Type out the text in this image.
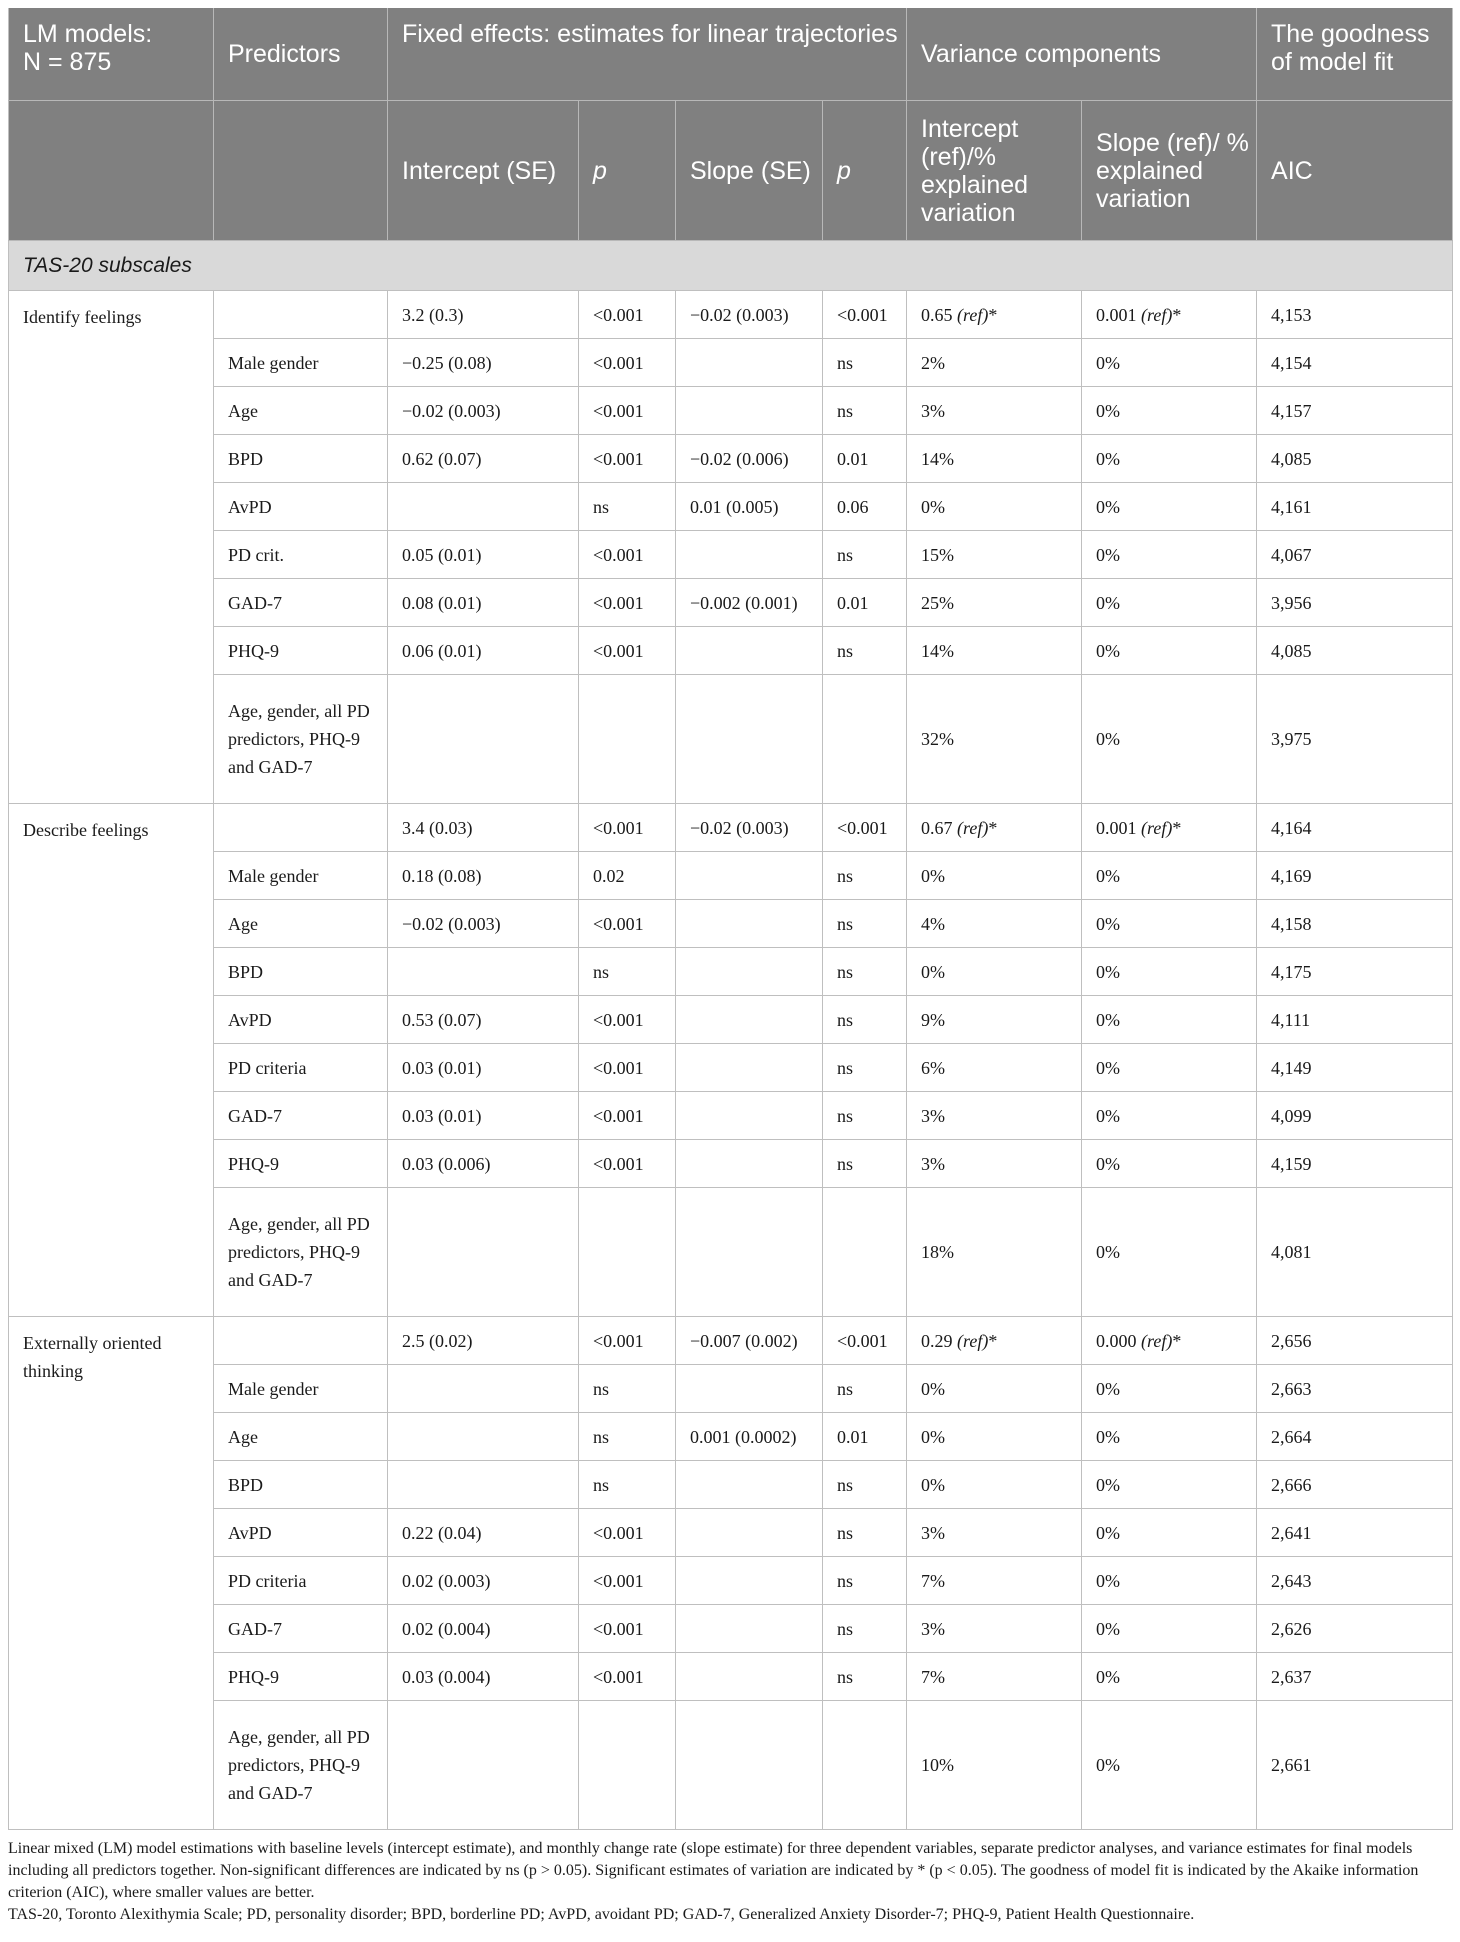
LM models:
N = 875	Predictors	Fixed effects: estimates for linear trajectories				Variance components		The goodness of model fit
		Intercept (SE)	p	Slope (SE)	p	Intercept (ref)/% explained variation	Slope (ref)/ % explained variation	AIC
TAS-20 subscales								
Identify feelings		3.2 (0.3)	<0.001	−0.02 (0.003)	<0.001	0.65 (ref)*	0.001 (ref)*	4,153
	Male gender	−0.25 (0.08)	<0.001		ns	2%	0%	4,154
	Age	−0.02 (0.003)	<0.001		ns	3%	0%	4,157
	BPD	0.62 (0.07)	<0.001	−0.02 (0.006)	0.01	14%	0%	4,085
	AvPD		ns	0.01 (0.005)	0.06	0%	0%	4,161
	PD crit.	0.05 (0.01)	<0.001		ns	15%	0%	4,067
	GAD-7	0.08 (0.01)	<0.001	−0.002 (0.001)	0.01	25%	0%	3,956
	PHQ-9	0.06 (0.01)	<0.001		ns	14%	0%	4,085
	Age, gender, all PD predictors, PHQ-9 and GAD-7					32%	0%	3,975
Describe feelings		3.4 (0.03)	<0.001	−0.02 (0.003)	<0.001	0.67 (ref)*	0.001 (ref)*	4,164
	Male gender	0.18 (0.08)	0.02		ns	0%	0%	4,169
	Age	−0.02 (0.003)	<0.001		ns	4%	0%	4,158
	BPD		ns		ns	0%	0%	4,175
	AvPD	0.53 (0.07)	<0.001		ns	9%	0%	4,111
	PD criteria	0.03 (0.01)	<0.001		ns	6%	0%	4,149
	GAD-7	0.03 (0.01)	<0.001		ns	3%	0%	4,099
	PHQ-9	0.03 (0.006)	<0.001		ns	3%	0%	4,159
	Age, gender, all PD predictors, PHQ-9 and GAD-7					18%	0%	4,081
Externally oriented thinking		2.5 (0.02)	<0.001	−0.007 (0.002)	<0.001	0.29 (ref)*	0.000 (ref)*	2,656
	Male gender		ns		ns	0%	0%	2,663
	Age		ns	0.001 (0.0002)	0.01	0%	0%	2,664
	BPD		ns		ns	0%	0%	2,666
	AvPD	0.22 (0.04)	<0.001		ns	3%	0%	2,641
	PD criteria	0.02 (0.003)	<0.001		ns	7%	0%	2,643
	GAD-7	0.02 (0.004)	<0.001		ns	3%	0%	2,626
	PHQ-9	0.03 (0.004)	<0.001		ns	7%	0%	2,637
	Age, gender, all PD predictors, PHQ-9 and GAD-7					10%	0%	2,661

Linear mixed (LM) model estimations with baseline levels (intercept estimate), and monthly change rate (slope estimate) for three dependent variables, separate predictor analyses, and variance estimates for final models including all predictors together. Non-significant differences are indicated by ns (p > 0.05). Significant estimates of variation are indicated by * (p < 0.05). The goodness of model fit is indicated by the Akaike information criterion (AIC), where smaller values are better.

TAS-20, Toronto Alexithymia Scale; PD, personality disorder; BPD, borderline PD; AvPD, avoidant PD; GAD-7, Generalized Anxiety Disorder-7; PHQ-9, Patient Health Questionnaire.
